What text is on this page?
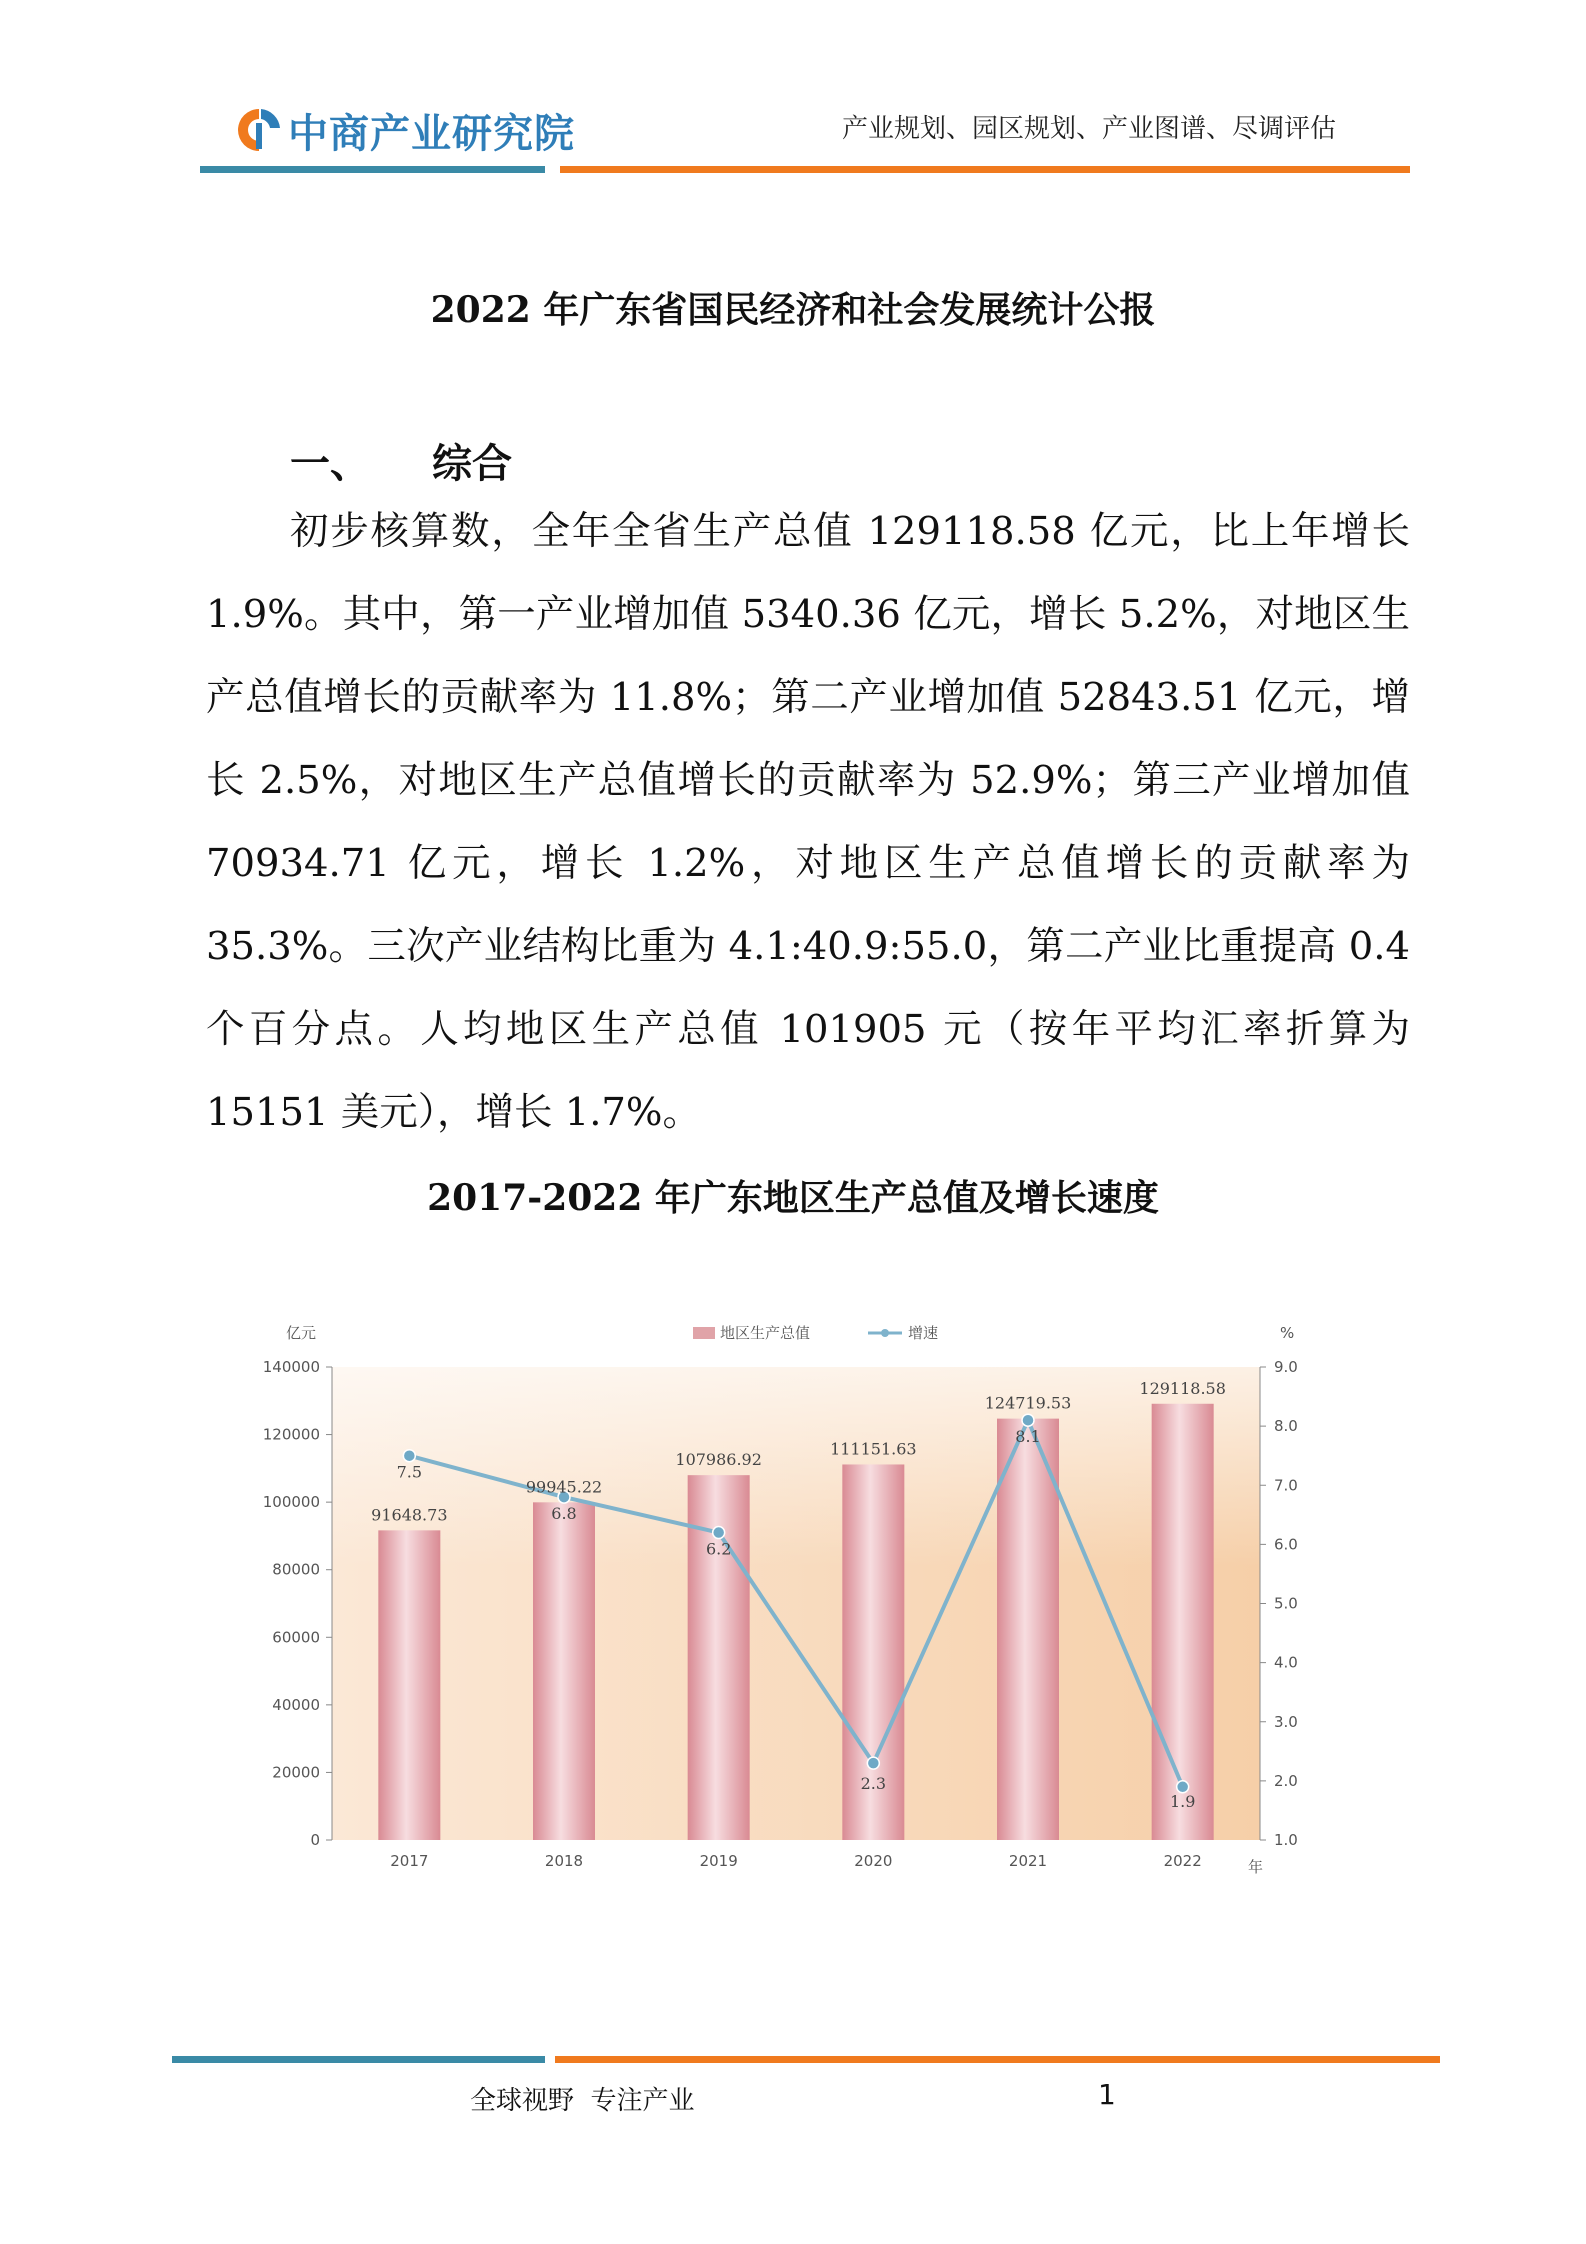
中商产业研究院	产业规划、园区规划、产业图谱、尽调评估
2022 年广东省国民经济和社会发展统计公报
一、 综合

初步核算数，全年全省生产总值 129118.58 亿元，比上年增长 1.9%。其中，第一产业增加值 5340.36 亿元，增长 5.2%，对地区生产总值增长的贡献率为 11.8%；第二产业增加值 52843.51 亿元，增长 2.5%，对地区生产总值增长的贡献率为 52.9%；第三产业增加值 70934.71 亿元，增长 1.2%，对地区生产总值增长的贡献率为 35.3%。三次产业结构比重为 4.1:40.9:55.0，第二产业比重提高 0.4 个百分点。人均地区生产总值 101905 元（按年平均汇率折算为 15151 美元），增长 1.7%。

2017-2022 年广东地区生产总值及增长速度
0
20000
40000
60000
80000
100000
120000
140000
1.0
2.0
3.0
4.0
5.0
6.0
7.0
8.0
9.0
2017	2018	2019	2020	2021	2022
91648.73
99945.22
107986.92
111151.63
124719.53
129118.58
7.5
6.8
6.2
2.3
8.1
1.9
地区生产总值	增速
亿元	%
年
全球视野  专注产业	1
